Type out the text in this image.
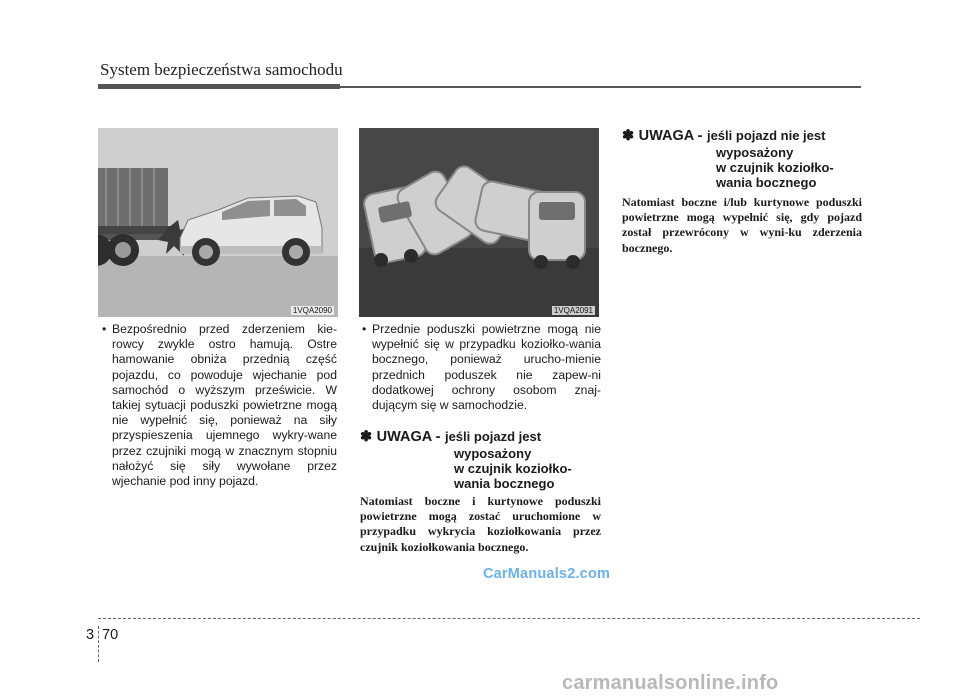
System bezpieczeństwa samochodu
1VQA2090	1VQA2091

• Bezpośrednio przed zderzeniem kie-rowcy zwykle ostro hamują. Ostre hamowanie obniża przednią część pojazdu, co powoduje wjechanie pod samochód o wyższym prześwicie. W takiej sytuacji poduszki powietrzne mogą nie wypełnić się, ponieważ na siły przyspieszenia ujemnego wykry-wane przez czujniki mogą w znacznym stopniu nałożyć się siły wywołane przez wjechanie pod inny pojazd.

• Przednie poduszki powietrzne mogą nie wypełnić się w przypadku koziołko-wania bocznego, ponieważ urucho-mienie przednich poduszek nie zapew-ni dodatkowej ochrony osobom znaj-dującym się w samochodzie.

✽ UWAGA - jeśli pojazd jest
wyposażony
w czujnik koziołko-
wania bocznego
Natomiast boczne i kurtynowe poduszki powietrzne mogą zostać uruchomione w przypadku wykrycia koziołkowania przez czujnik koziołkowania bocznego.
✽ UWAGA - jeśli pojazd nie jest
wyposażony
w czujnik koziołko-
wania bocznego
Natomiast boczne i/lub kurtynowe poduszki powietrzne mogą wypełnić się, gdy pojazd został przewrócony w wyni-ku zderzenia bocznego.
CarManuals2.com
3 70
carmanualsonline.info
